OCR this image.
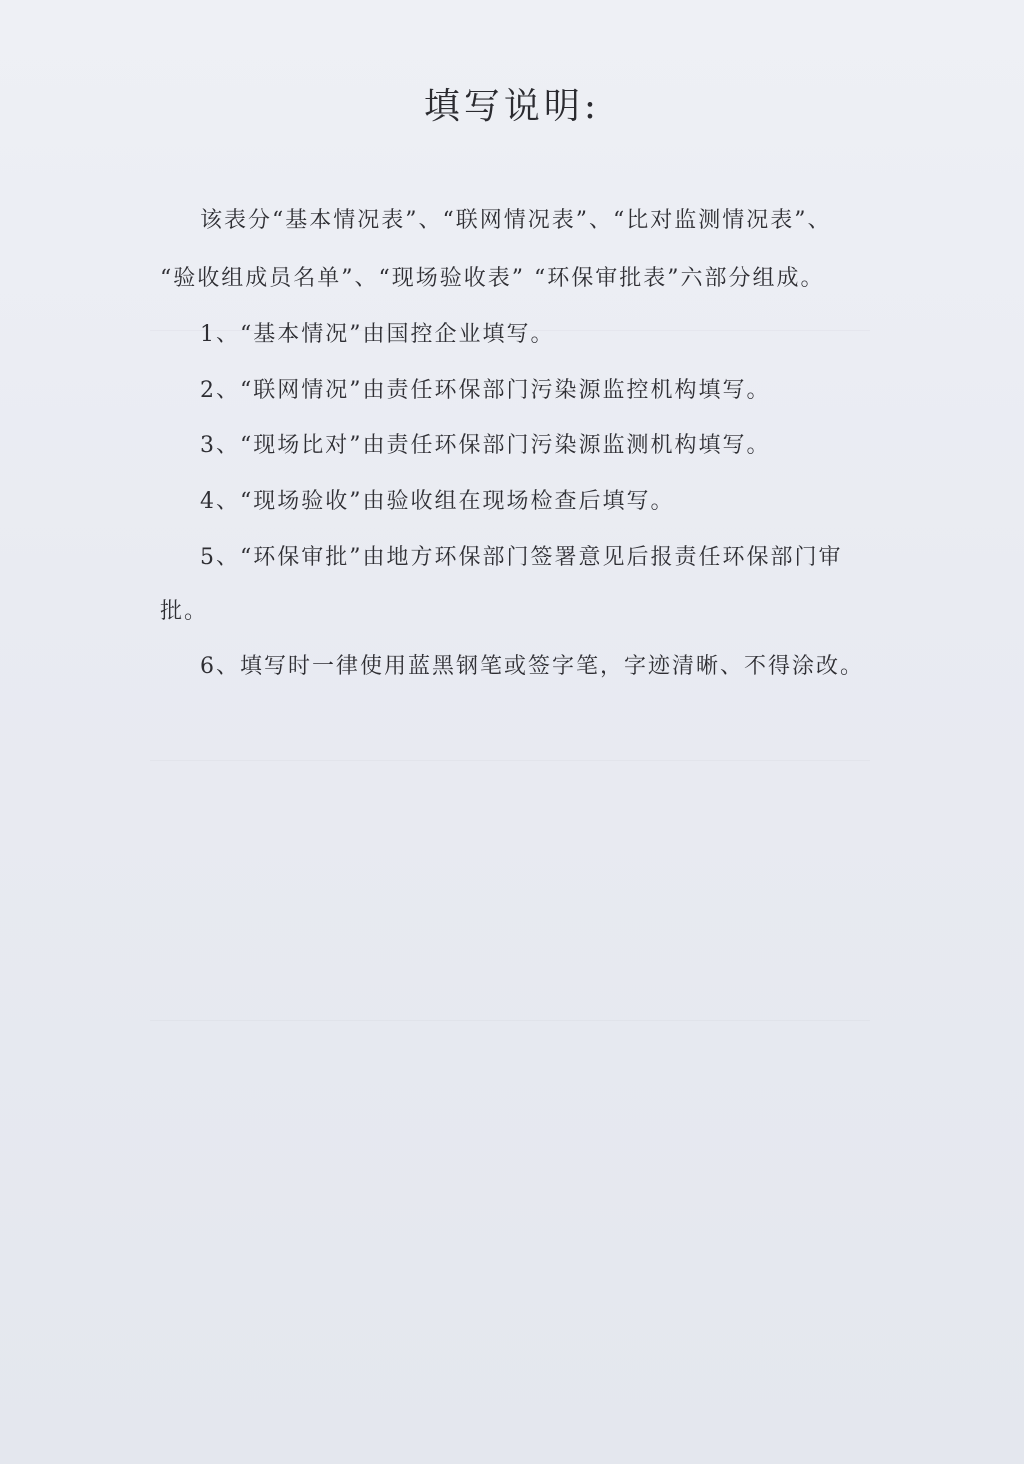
填写说明:
该表分“基本情况表”、“联网情况表”、“比对监测情况表”、
“验收组成员名单”、“现场验收表” “环保审批表”六部分组成。
1、“基本情况”由国控企业填写。
2、“联网情况”由责任环保部门污染源监控机构填写。
3、“现场比对”由责任环保部门污染源监测机构填写。
4、“现场验收”由验收组在现场检查后填写。
5、“环保审批”由地方环保部门签署意见后报责任环保部门审
批。
6、填写时一律使用蓝黑钢笔或签字笔，字迹清晰、不得涂改。
